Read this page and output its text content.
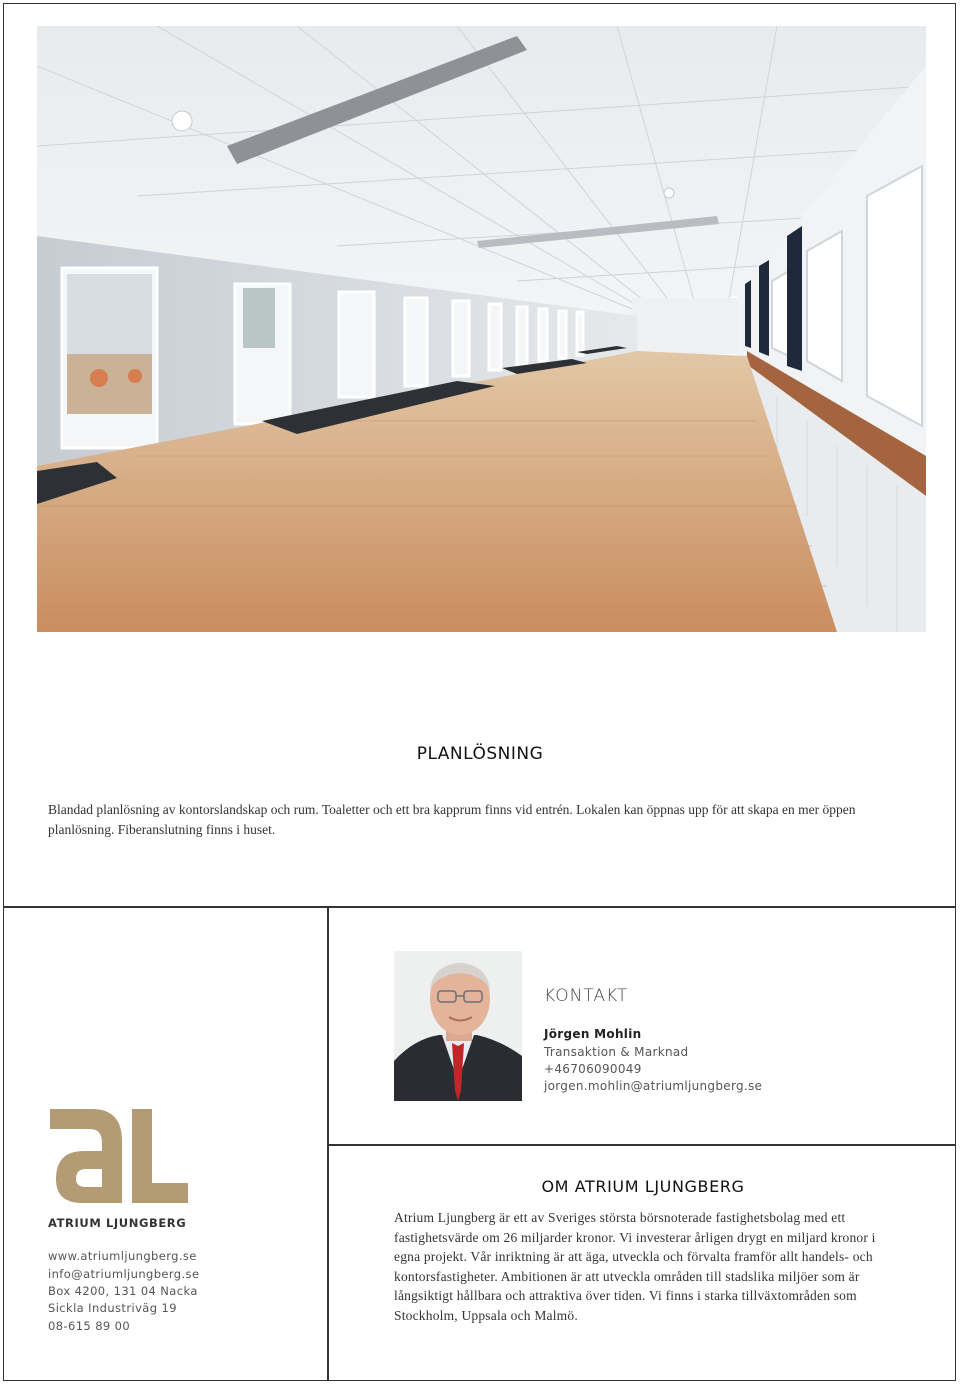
PLANLÖSNING
Blandad planlösning av kontorslandskap och rum. Toaletter och ett bra kapprum finns vid entrén. Lokalen kan öppnas upp för att skapa en mer öppen planlösning. Fiberanslutning finns i huset.
KONTAKT
Jörgen Mohlin
Transaktion & Marknad
+46706090049
jorgen.mohlin@atriumljungberg.se
ATRIUM LJUNGBERG
www.atriumljungberg.se
info@atriumljungberg.se
Box 4200, 131 04 Nacka
Sickla Industriväg 19
08-615 89 00
OM ATRIUM LJUNGBERG
Atrium Ljungberg är ett av Sveriges största börsnoterade fastighetsbolag med ett fastighetsvärde om 26 miljarder kronor. Vi investerar årligen drygt en miljard kronor i egna projekt. Vår inriktning är att äga, utveckla och förvalta framför allt handels- och kontorsfastigheter. Ambitionen är att utveckla områden till stadslika miljöer som är långsiktigt hållbara och attraktiva över tiden. Vi finns i starka tillväxtområden som Stockholm, Uppsala och Malmö.
